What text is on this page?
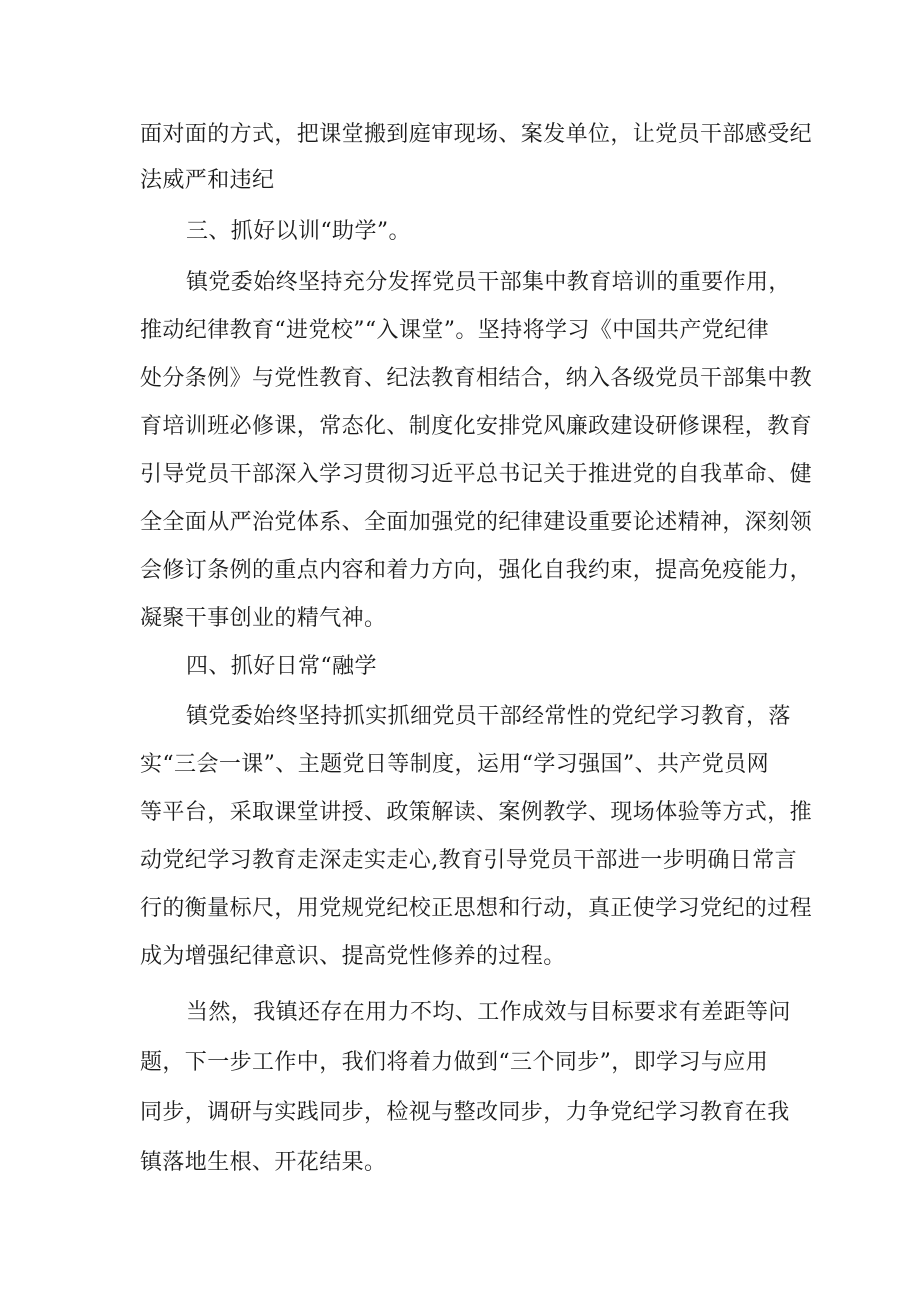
面对面的方式，把课堂搬到庭审现场、案发单位，让党员干部感受纪

法威严和违纪

三、抓好以训“助学”。

镇党委始终坚持充分发挥党员干部集中教育培训的重要作用，

推动纪律教育“进党校”“入课堂”。坚持将学习《中国共产党纪律

处分条例》与党性教育、纪法教育相结合，纳入各级党员干部集中教

育培训班必修课，常态化、制度化安排党风廉政建设研修课程，教育

引导党员干部深入学习贯彻习近平总书记关于推进党的自我革命、健

全全面从严治党体系、全面加强党的纪律建设重要论述精神，深刻领

会修订条例的重点内容和着力方向，强化自我约束，提高免疫能力，

凝聚干事创业的精气神。

四、抓好日常“融学

镇党委始终坚持抓实抓细党员干部经常性的党纪学习教育，落

实“三会一课”、主题党日等制度，运用“学习强国”、共产党员网

等平台，采取课堂讲授、政策解读、案例教学、现场体验等方式，推

动党纪学习教育走深走实走心,教育引导党员干部进一步明确日常言

行的衡量标尺，用党规党纪校正思想和行动，真正使学习党纪的过程

成为增强纪律意识、提高党性修养的过程。

当然，我镇还存在用力不均、工作成效与目标要求有差距等问

题，下一步工作中，我们将着力做到“三个同步”，即学习与应用

同步，调研与实践同步，检视与整改同步，力争党纪学习教育在我

镇落地生根、开花结果。
